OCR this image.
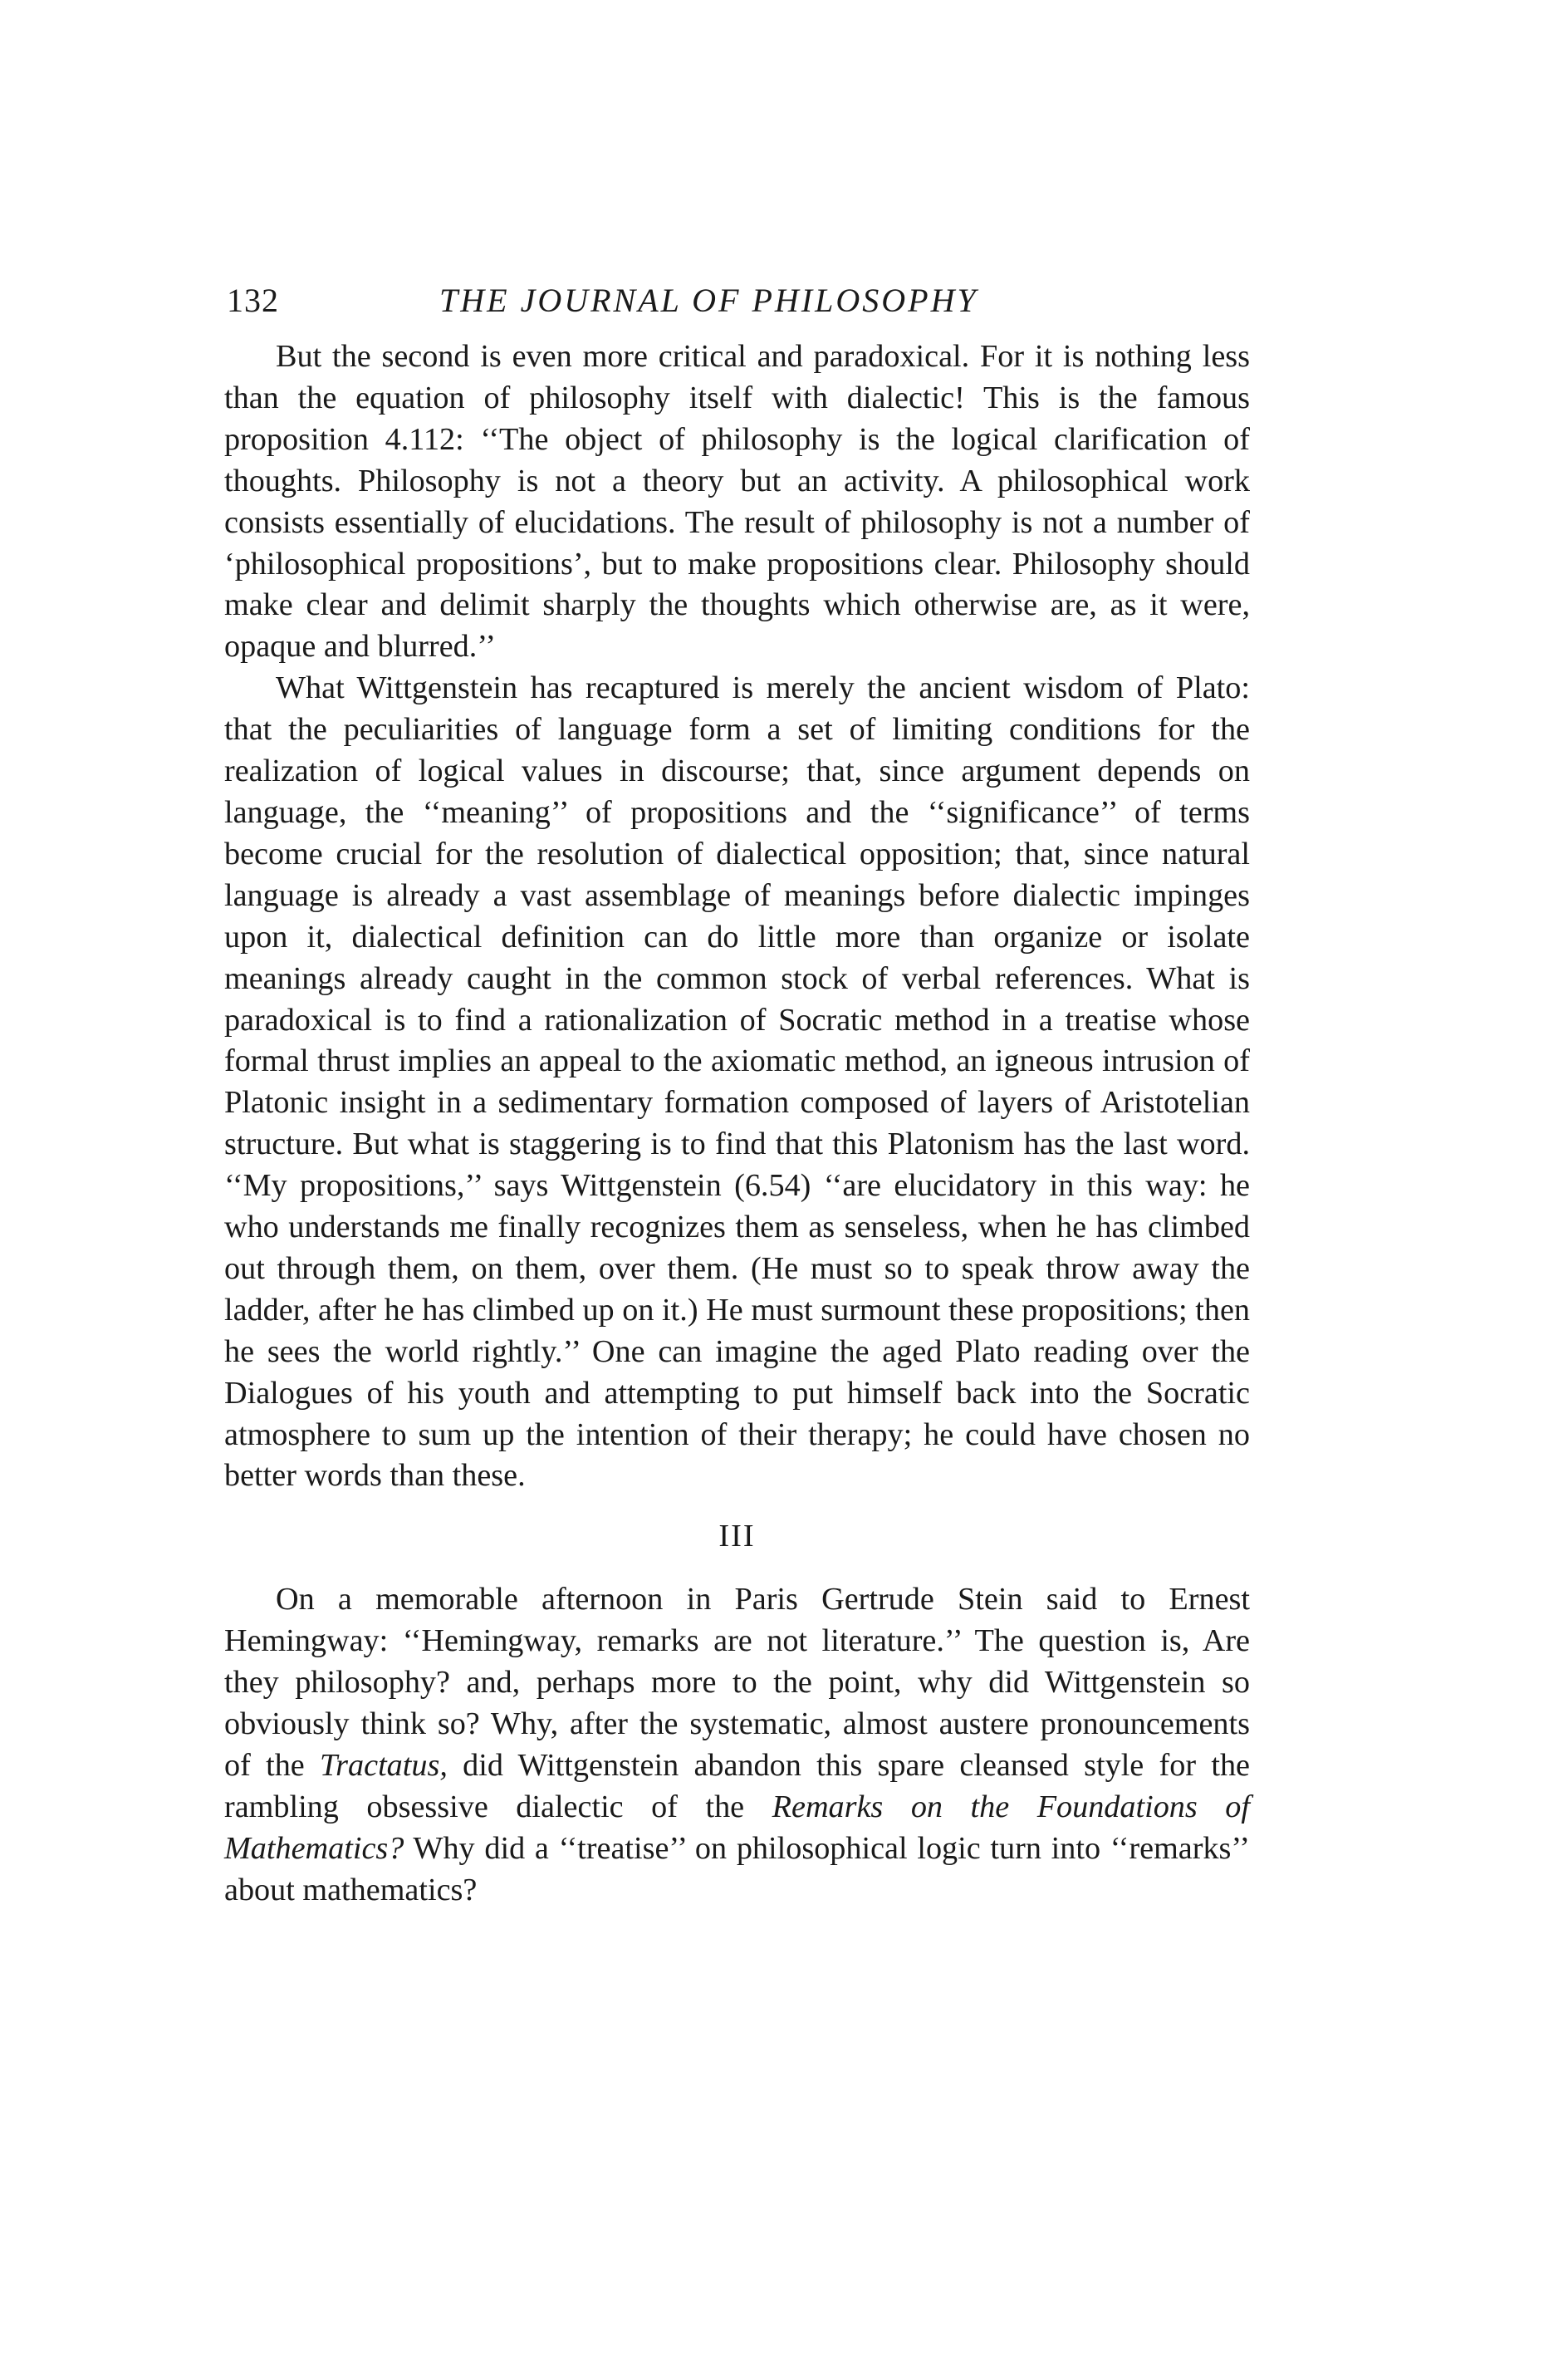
132	THE JOURNAL OF PHILOSOPHY

But the second is even more critical and paradoxical. For it is nothing less than the equation of philosophy itself with dialectic! This is the famous proposition 4.112: ‘‘The object of philosophy is the logical clarification of thoughts. Philosophy is not a theory but an activity. A philosophical work consists essentially of elucidations. The result of philosophy is not a number of ‘philosophical propositions’, but to make propositions clear. Philosophy should make clear and delimit sharply the thoughts which otherwise are, as it were, opaque and blurred.’’

What Wittgenstein has recaptured is merely the ancient wisdom of Plato: that the peculiarities of language form a set of limiting conditions for the realization of logical values in discourse; that, since argument depends on language, the ‘‘meaning’’ of propositions and the ‘‘significance’’ of terms become crucial for the resolution of dialectical opposition; that, since natural language is already a vast assemblage of meanings before dialectic impinges upon it, dialectical definition can do little more than organize or isolate meanings already caught in the common stock of verbal references. What is paradoxical is to find a rationalization of Socratic method in a treatise whose formal thrust implies an appeal to the axiomatic method, an igneous intrusion of Platonic insight in a sedimentary formation composed of layers of Aristotelian structure. But what is staggering is to find that this Platonism has the last word. ‘‘My propositions,’’ says Wittgenstein (6.54) ‘‘are elucidatory in this way: he who understands me finally recognizes them as senseless, when he has climbed out through them, on them, over them. (He must so to speak throw away the ladder, after he has climbed up on it.) He must surmount these propositions; then he sees the world rightly.’’ One can imagine the aged Plato reading over the Dialogues of his youth and attempting to put himself back into the Socratic atmosphere to sum up the intention of their therapy; he could have chosen no better words than these.

III

On a memorable afternoon in Paris Gertrude Stein said to Ernest Hemingway: ‘‘Hemingway, remarks are not literature.’’ The question is, Are they philosophy? and, perhaps more to the point, why did Wittgenstein so obviously think so? Why, after the systematic, almost austere pronouncements of the Tractatus, did Wittgenstein abandon this spare cleansed style for the rambling obsessive dialectic of the Remarks on the Foundations of Mathematics? Why did a ‘‘treatise’’ on philosophical logic turn into ‘‘remarks’’ about mathematics?
